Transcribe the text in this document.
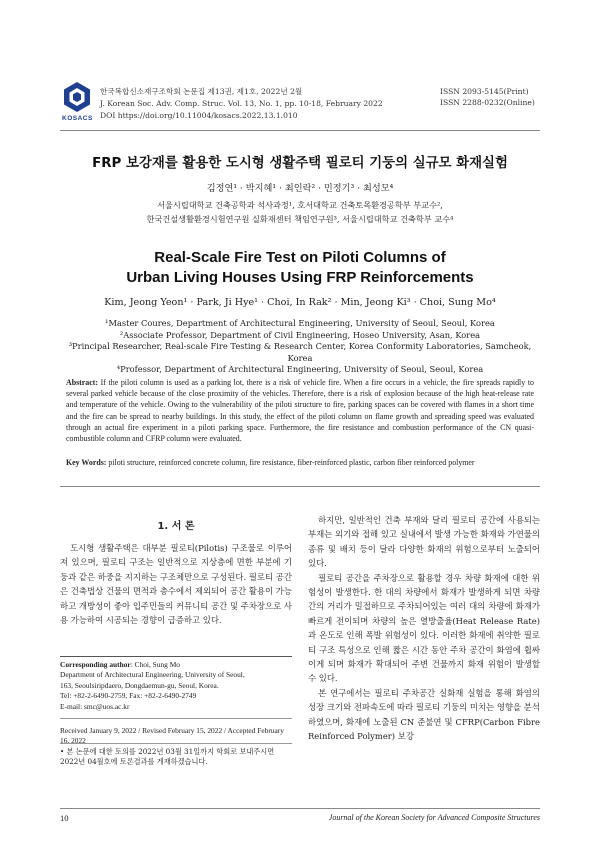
KOSACS
한국복합신소재구조학회 논문집 제13권, 제1호, 2022년 2월
J. Korean Soc. Adv. Comp. Struc. Vol. 13, No. 1, pp. 10-18, February 2022
DOI https://doi.org/10.11004/kosacs.2022.13.1.010
ISSN 2093-5145(Print)
ISSN 2288-0232(Online)
FRP 보강재를 활용한 도시형 생활주택 필로티 기둥의 실규모 화재실험
김정연¹ · 박지혜¹ · 최인락² · 민정기³ · 최성모⁴
서울시립대학교 건축공학과 석사과정¹, 호서대학교 건축토목환경공학부 부교수²,
한국건설생활환경시험연구원 실화재센터 책임연구원³, 서울시립대학교 건축학부 교수⁴
Real-Scale Fire Test on Piloti Columns of
Urban Living Houses Using FRP Reinforcements
Kim, Jeong Yeon¹ · Park, Ji Hye¹ · Choi, In Rak² · Min, Jeong Ki³ · Choi, Sung Mo⁴
¹Master Coures, Department of Architectural Engineering, University of Seoul, Seoul, Korea
²Associate Professor, Department of Civil Engineering, Hoseo University, Asan, Korea
³Principal Researcher, Real-scale Fire Testing & Research Center, Korea Conformity Laboratories, Samcheok, Korea
⁴Professor, Department of Architectural Engineering, University of Seoul, Seoul, Korea
Abstract: If the piloti column is used as a parking lot, there is a risk of vehicle fire. When a fire occurs in a vehicle, the fire spreads rapidly to several parked vehicle because of the close proximity of the vehicles. Therefore, there is a risk of explosion because of the high heat-release rate and temperature of the vehicle. Owing to the vulnerability of the piloti structure to fire, parking spaces can be covered with flames in a short time and the fire can be spread to nearby buildings. In this study, the effect of the piloti column on flame growth and spreading speed was evaluated through an actual fire experiment in a piloti parking space. Furthermore, the fire resistance and combustion performance of the CN quasi-combustible column and CFRP column were evaluated.
Key Words: piloti structure, reinforced concrete column, fire resistance, fiber-reinforced plastic, carbon fiber reinforced polymer
1. 서 론
도시형 생활주택은 대부분 필로티(Pilotis) 구조물로 이루어져 있으며, 필로티 구조는 일반적으로 지상층에 면한 부분에 기둥과 같은 하중을 지지하는 구조체만으로 구성된다. 필로티 공간은 건축법상 건물의 면적과 층수에서 제외되어 공간 활용이 가능하고 개방성이 좋아 입주민들의 커뮤니티 공간 및 주차장으로 사용 가능하여 시공되는 경향이 급증하고 있다.
Corresponding author: Choi, Sung Mo
Department of Architectural Engineering, University of Seoul,
163, Seoulsiripdaero, Dongdaemun-gu, Seoul, Korea.
Tel: +82-2-6490-2759, Fax: +82-2-6490-2749
E-mail: smc@uos.ac.kr
Received January 9, 2022 / Revised February 15, 2022 / Accepted February 16, 2022
• 본 논문에 대한 토의를 2022년 03월 31일까지 학회로 보내주시면 2022년 04월호에 토론결과를 게재하겠습니다.

하지만, 일반적인 건축 부재와 달리 필로티 공간에 사용되는 부재는 외기와 접해 있고 실내에서 발생 가능한 화재와 가연물의 종류 및 배치 등이 달라 다양한 화재의 위험으로부터 노출되어 있다.

필로티 공간을 주차장으로 활용할 경우 차량 화재에 대한 위험성이 발생한다. 한 대의 차량에서 화재가 발생하게 되면 차량 간의 거리가 밀접하므로 주차되어있는 여러 대의 차량에 화재가 빠르게 전이되며 차량의 높은 열방출율(Heat Release Rate)과 온도로 인해 폭발 위험성이 있다. 이러한 화재에 취약한 필로티 구조 특성으로 인해 짧은 시간 동안 주차 공간이 화염에 휩싸이게 되며 화재가 확대되어 주변 건물까지 화재 위험이 발생할 수 있다.

본 연구에서는 필로티 주차공간 실화재 실험을 통해 화염의 성장 크기와 전파속도에 따라 필로티 기둥의 미치는 영향을 분석하였으며, 화재에 노출된 CN 준불연 및 CFRP(Carbon Fibre Reinforced Polymer) 보강

10	Journal of the Korean Society for Advanced Composite Structures
